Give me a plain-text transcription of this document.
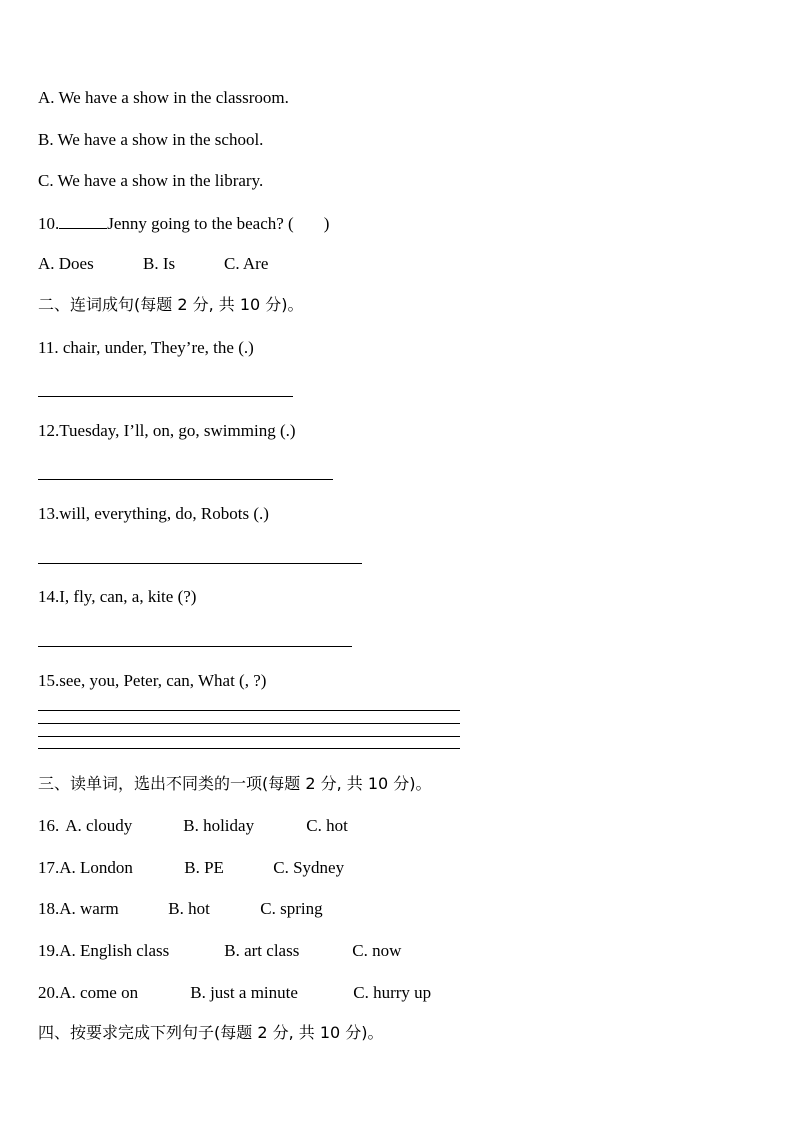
A. We have a show in the classroom.
B. We have a show in the school.
C. We have a show in the library.
10.	Jenny going to the beach? ( )
A. Does	B. Is	C. Are
二、连词成句(每题 2 分, 共 10 分)。
11. chair, under, They’re, the (.)
12.Tuesday, I’ll, on, go, swimming (.)
13.will, everything, do, Robots (.)
14.I, fly, can, a, kite (?)
15.see, you, Peter, can, What (, ?)
三、读单词，选出不同类的一项(每题 2 分, 共 10 分)。
16. A. cloudy	B. holiday	C. hot
17.A. London	B. PE	C. Sydney
18.A. warm	B. hot	C. spring
19.A. English class	B. art class	C. now
20.A. come on	B. just a minute	C. hurry up
四、按要求完成下列句子(每题 2 分, 共 10 分)。
